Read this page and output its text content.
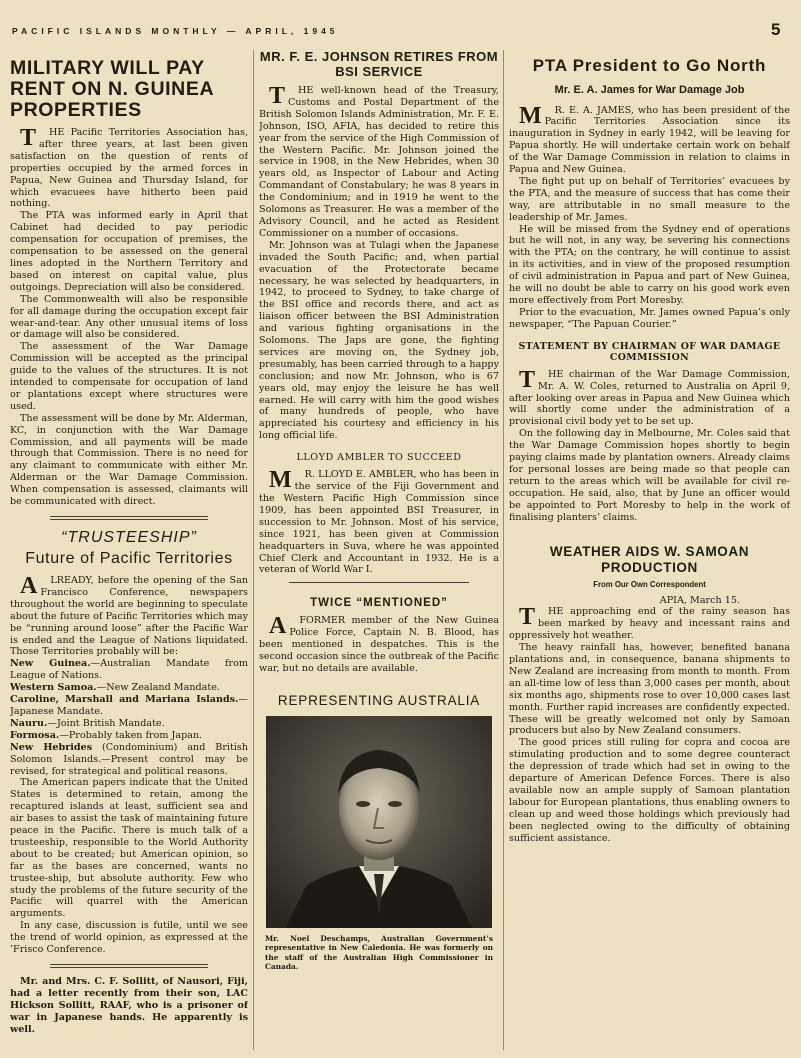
PACIFIC ISLANDS MONTHLY — APRIL, 1945	5
MILITARY WILL PAY RENT ON N. GUINEA PROPERTIES

T HE Pacific Territories Association has, after three years, at last been given satisfaction on the question of rents of properties occupied by the armed forces in Papua, New Guinea and Thursday Island, for which evacuees have hitherto been paid nothing.

The PTA was informed early in April that Cabinet had decided to pay periodic compensation for occupation of premises, the compensation to be assessed on the general lines adopted in the Northern Territory and based on interest on capital value, plus outgoings. Depreciation will also be considered.

The Commonwealth will also be responsible for all damage during the occupation except fair wear-and-tear. Any other unusual items of loss or damage will also be considered.

The assessment of the War Damage Commission will be accepted as the principal guide to the values of the structures. It is not intended to compensate for occupation of land or plantations except where structures were used.

The assessment will be done by Mr. Alderman, KC, in conjunction with the War Damage Commission, and all payments will be made through that Commission. There is no need for any claimant to communicate with either Mr. Alderman or the War Damage Commission. When compensation is assessed, claimants will be communicated with direct.

“TRUSTEESHIP”
Future of Pacific Territories

A LREADY, before the opening of the San Francisco Conference, newspapers throughout the world are beginning to speculate about the future of Pacific Territories which may be “running around loose” after the Pacific War is ended and the League of Nations liquidated. Those Territories probably will be:

New Guinea.—Australian Mandate from League of Nations.

Western Samoa.—New Zealand Mandate.

Caroline, Marshall and Mariana Islands.—Japanese Mandate.

Nauru.—Joint British Mandate.

Formosa.—Probably taken from Japan.

New Hebrides (Condominium) and British Solomon Islands.—Present control may be revised, for strategical and political reasons.

The American papers indicate that the United States is determined to retain, among the recaptured islands at least, sufficient sea and air bases to assist the task of maintaining future peace in the Pacific. There is much talk of a trusteeship, responsible to the World Authority about to be created; but American opinion, so far as the bases are concerned, wants no trustee-ship, but absolute authority. Few who study the problems of the future security of the Pacific will quarrel with the American arguments.

In any case, discussion is futile, until we see the trend of world opinion, as expressed at the ’Frisco Conference.

Mr. and Mrs. C. F. Sollitt, of Nausori, Fiji, had a letter recently from their son, LAC Hickson Sollitt, RAAF, who is a prisoner of war in Japanese hands. He apparently is well.

MR. F. E. JOHNSON RETIRES FROM BSI SERVICE

T HE well-known head of the Treasury, Customs and Postal Department of the British Solomon Islands Administration, Mr. F. E. Johnson, ISO, AFIA, has decided to retire this year from the service of the High Commission of the Western Pacific. Mr. Johnson joined the service in 1908, in the New Hebrides, when 30 years old, as Inspector of Labour and Acting Commandant of Constabulary; he was 8 years in the Condominium; and in 1919 he went to the Solomons as Treasurer. He was a member of the Advisory Council, and he acted as Resident Commissioner on a number of occasions.

Mr. Johnson was at Tulagi when the Japanese invaded the South Pacific; and, when partial evacuation of the Protectorate became necessary, he was selected by headquarters, in 1942, to proceed to Sydney, to take charge of the BSI office and records there, and act as liaison officer between the BSI Administration and various fighting organisations in the Solomons. The Japs are gone, the fighting services are moving on, the Sydney job, presumably, has been carried through to a happy conclusion; and now Mr. Johnson, who is 67 years old, may enjoy the leisure he has well earned. He will carry with him the good wishes of many hundreds of people, who have appreciated his courtesy and efficiency in his long official life.

LLOYD AMBLER TO SUCCEED

M R. LLOYD E. AMBLER, who has been in the service of the Fiji Government and the Western Pacific High Commission since 1909, has been appointed BSI Treasurer, in succession to Mr. Johnson. Most of his service, since 1921, has been given at Commission headquarters in Suva, where he was appointed Chief Clerk and Accountant in 1932. He is a veteran of World War I.

TWICE “MENTIONED”

A FORMER member of the New Guinea Police Force, Captain N. B. Blood, has been mentioned in despatches. This is the second occasion since the outbreak of the Pacific war, but no details are available.

REPRESENTING AUSTRALIA

Mr. Noel Deschamps, Australian Government’s representative in New Caledonia. He was formerly on the staff of the Australian High Commissioner in Canada.

PTA President to Go North
Mr. E. A. James for War Damage Job

M R. E. A. JAMES, who has been president of the Pacific Territories Association since its inauguration in Sydney in early 1942, will be leaving for Papua shortly. He will undertake certain work on behalf of the War Damage Commission in relation to claims in Papua and New Guinea.

The fight put up on behalf of Territories’ evacuees by the PTA, and the measure of success that has come their way, are attributable in no small measure to the leadership of Mr. James.

He will be missed from the Sydney end of operations but he will not, in any way, be severing his connections with the PTA; on the contrary, he will continue to assist in its activities, and in view of the proposed resumption of civil administration in Papua and part of New Guinea, he will no doubt be able to carry on his good work even more effectively from Port Moresby.

Prior to the evacuation, Mr. James owned Papua’s only newspaper, “The Papuan Courier.”

STATEMENT BY CHAIRMAN OF WAR DAMAGE COMMISSION

T HE chairman of the War Damage Commission, Mr. A. W. Coles, returned to Australia on April 9, after looking over areas in Papua and New Guinea which will shortly come under the administration of a provisional civil body yet to be set up.

On the following day in Melbourne, Mr. Coles said that the War Damage Commission hopes shortly to begin paying claims made by plantation owners. Already claims for personal losses are being made so that people can return to the areas which will be available for civil re-occupation. He said, also, that by June an officer would be appointed to Port Moresby to help in the work of finalising planters’ claims.

WEATHER AIDS W. SAMOAN PRODUCTION
From Our Own Correspondent

APIA, March 15.

T HE approaching end of the rainy season has been marked by heavy and incessant rains and oppressively hot weather.

The heavy rainfall has, however, benefited banana plantations and, in consequence, banana shipments to New Zealand are increasing from month to month. From an all-time low of less than 3,000 cases per month, about six months ago, shipments rose to over 10,000 cases last month. Further rapid increases are confidently expected. These will be greatly welcomed not only by Samoan producers but also by New Zealand consumers.

The good prices still ruling for copra and cocoa are stimulating production and to some degree counteract the depression of trade which had set in owing to the departure of American Defence Forces. There is also available now an ample supply of Samoan plantation labour for European plantations, thus enabling owners to clean up and weed those holdings which previously had been neglected owing to the difficulty of obtaining sufficient assistance.
